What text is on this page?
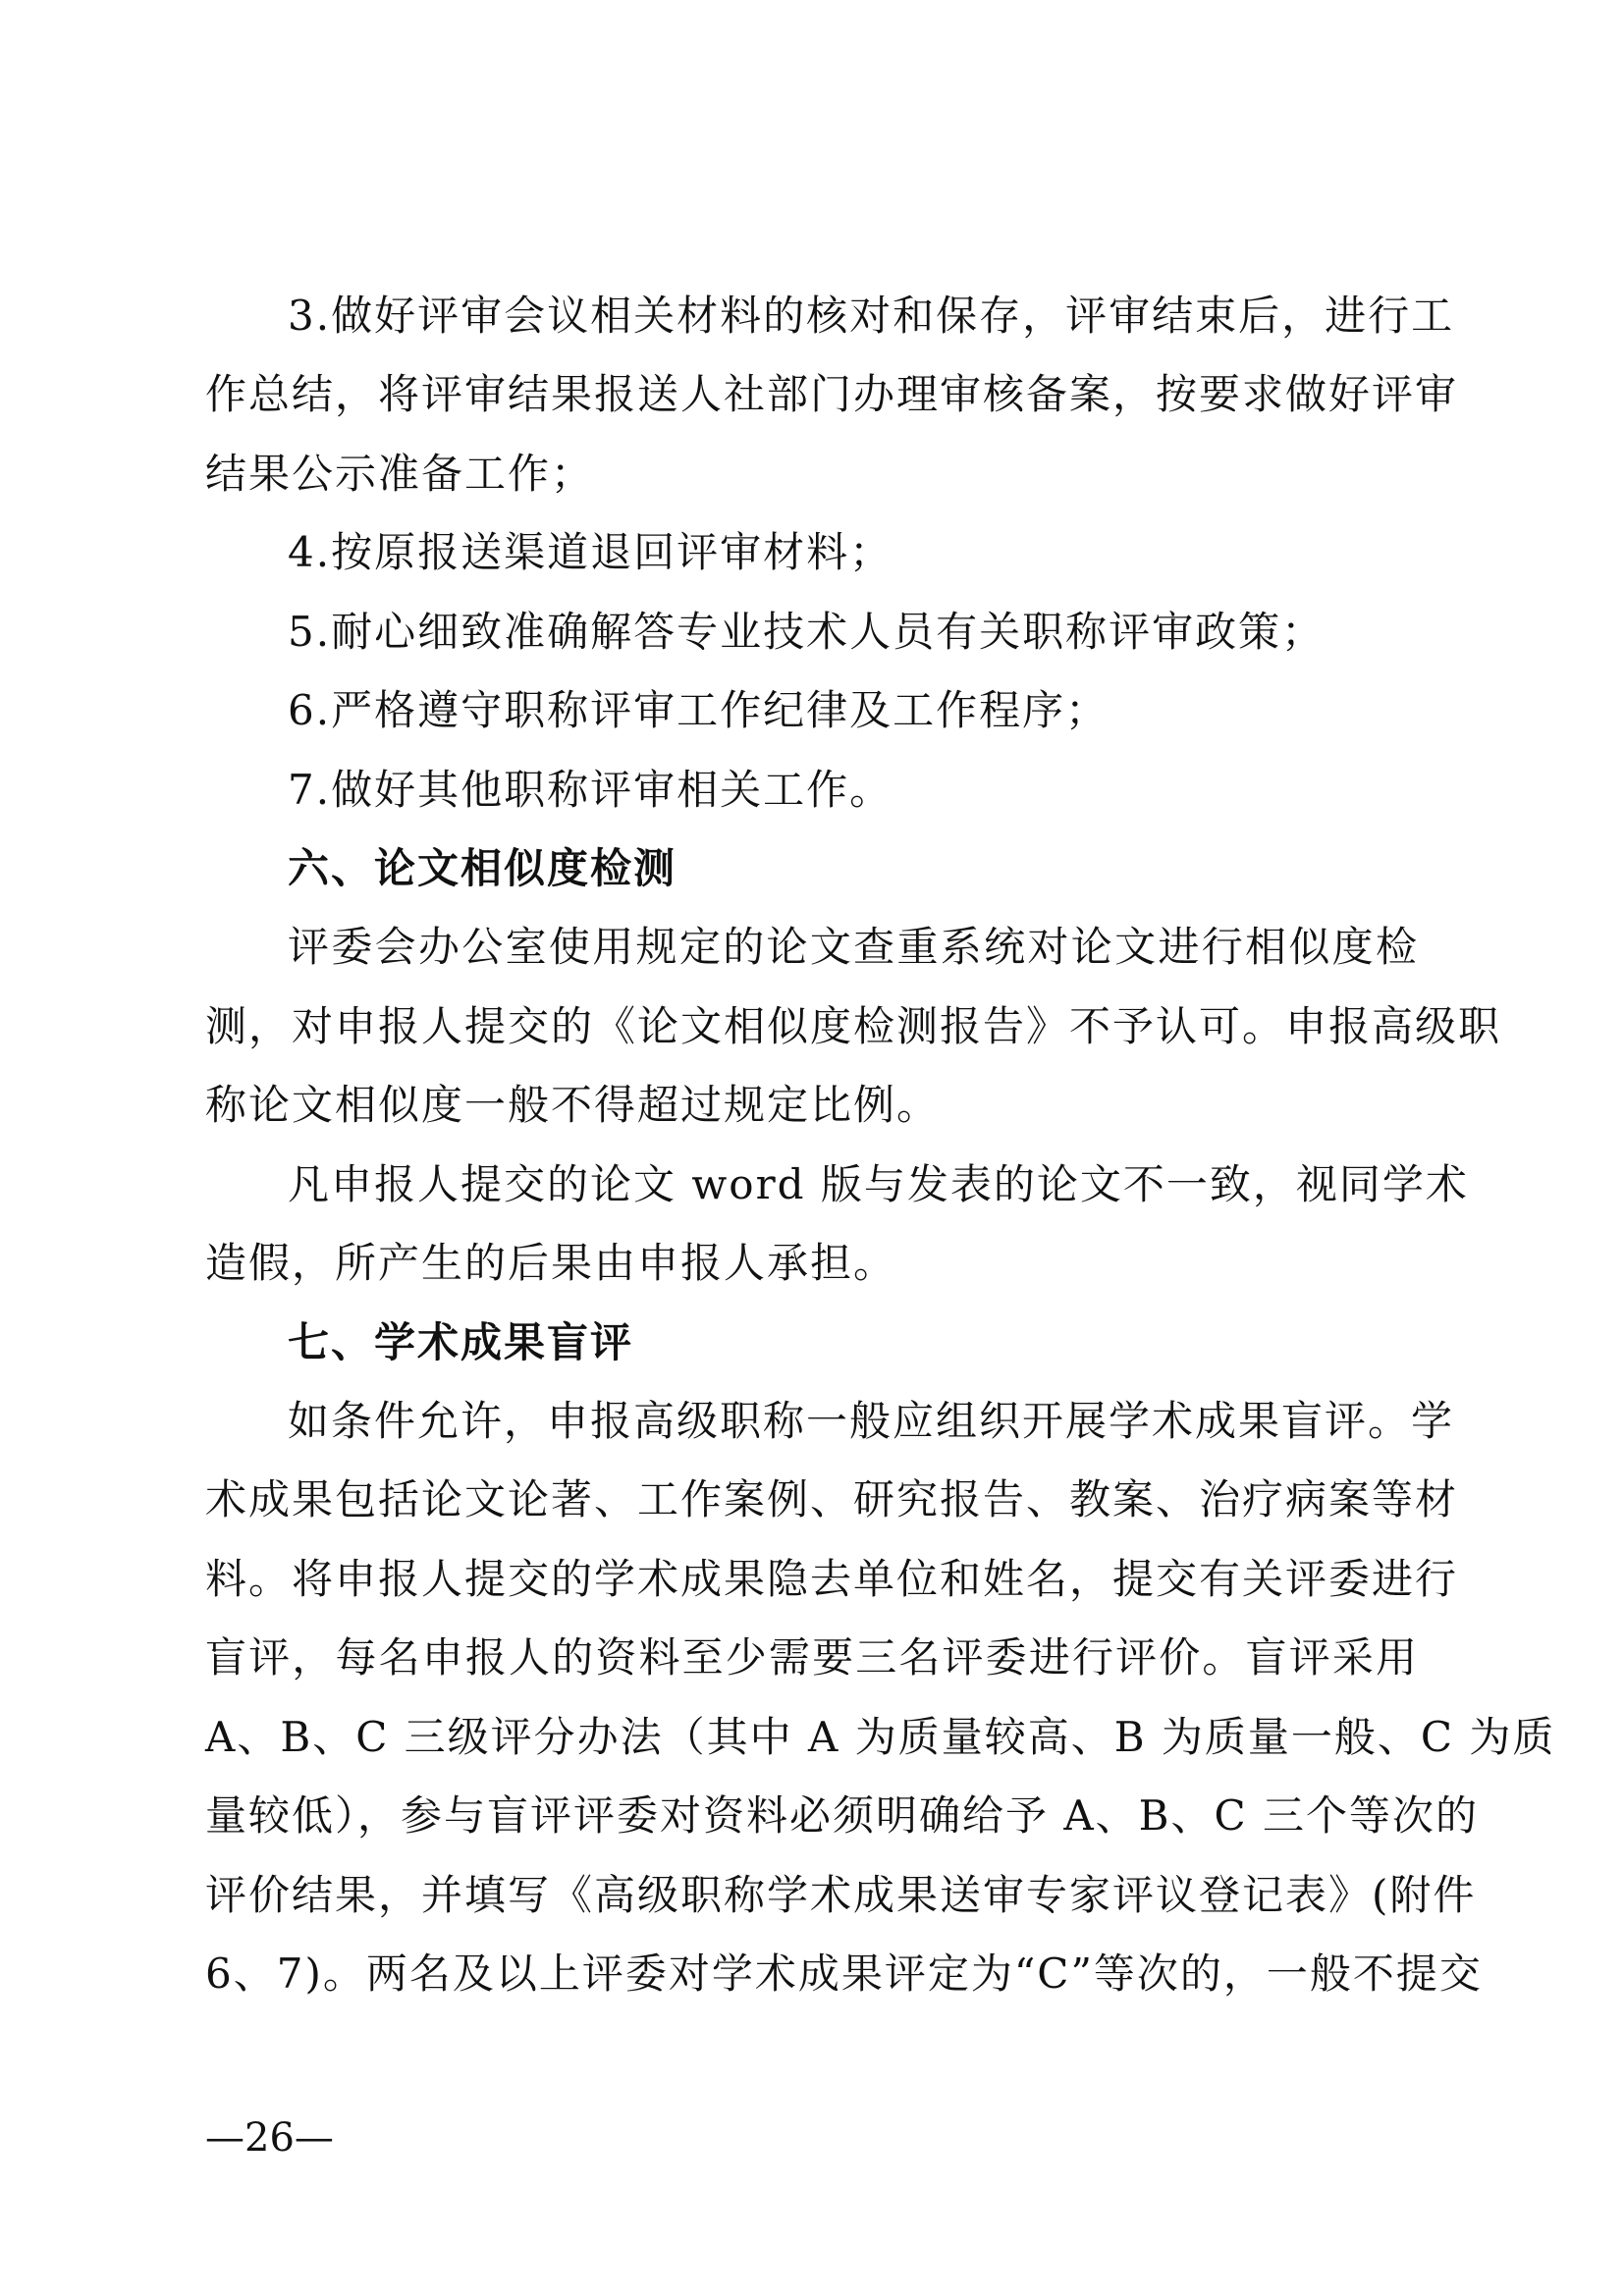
3.做好评审会议相关材料的核对和保存，评审结束后，进行工
作总结，将评审结果报送人社部门办理审核备案，按要求做好评审
结果公示准备工作；
4.按原报送渠道退回评审材料；
5.耐心细致准确解答专业技术人员有关职称评审政策；
6.严格遵守职称评审工作纪律及工作程序；
7.做好其他职称评审相关工作。
六、论文相似度检测
评委会办公室使用规定的论文查重系统对论文进行相似度检
测，对申报人提交的《论文相似度检测报告》不予认可。申报高级职
称论文相似度一般不得超过规定比例。
凡申报人提交的论文 word 版与发表的论文不一致，视同学术
造假，所产生的后果由申报人承担。
七、学术成果盲评
如条件允许，申报高级职称一般应组织开展学术成果盲评。学
术成果包括论文论著、工作案例、研究报告、教案、治疗病案等材
料。将申报人提交的学术成果隐去单位和姓名，提交有关评委进行
盲评，每名申报人的资料至少需要三名评委进行评价。盲评采用
A、B、C 三级评分办法（其中 A 为质量较高、B 为质量一般、C 为质
量较低），参与盲评评委对资料必须明确给予 A、B、C 三个等次的
评价结果，并填写《高级职称学术成果送审专家评议登记表》(附件
6、7)。两名及以上评委对学术成果评定为“C”等次的，一般不提交
—26—
